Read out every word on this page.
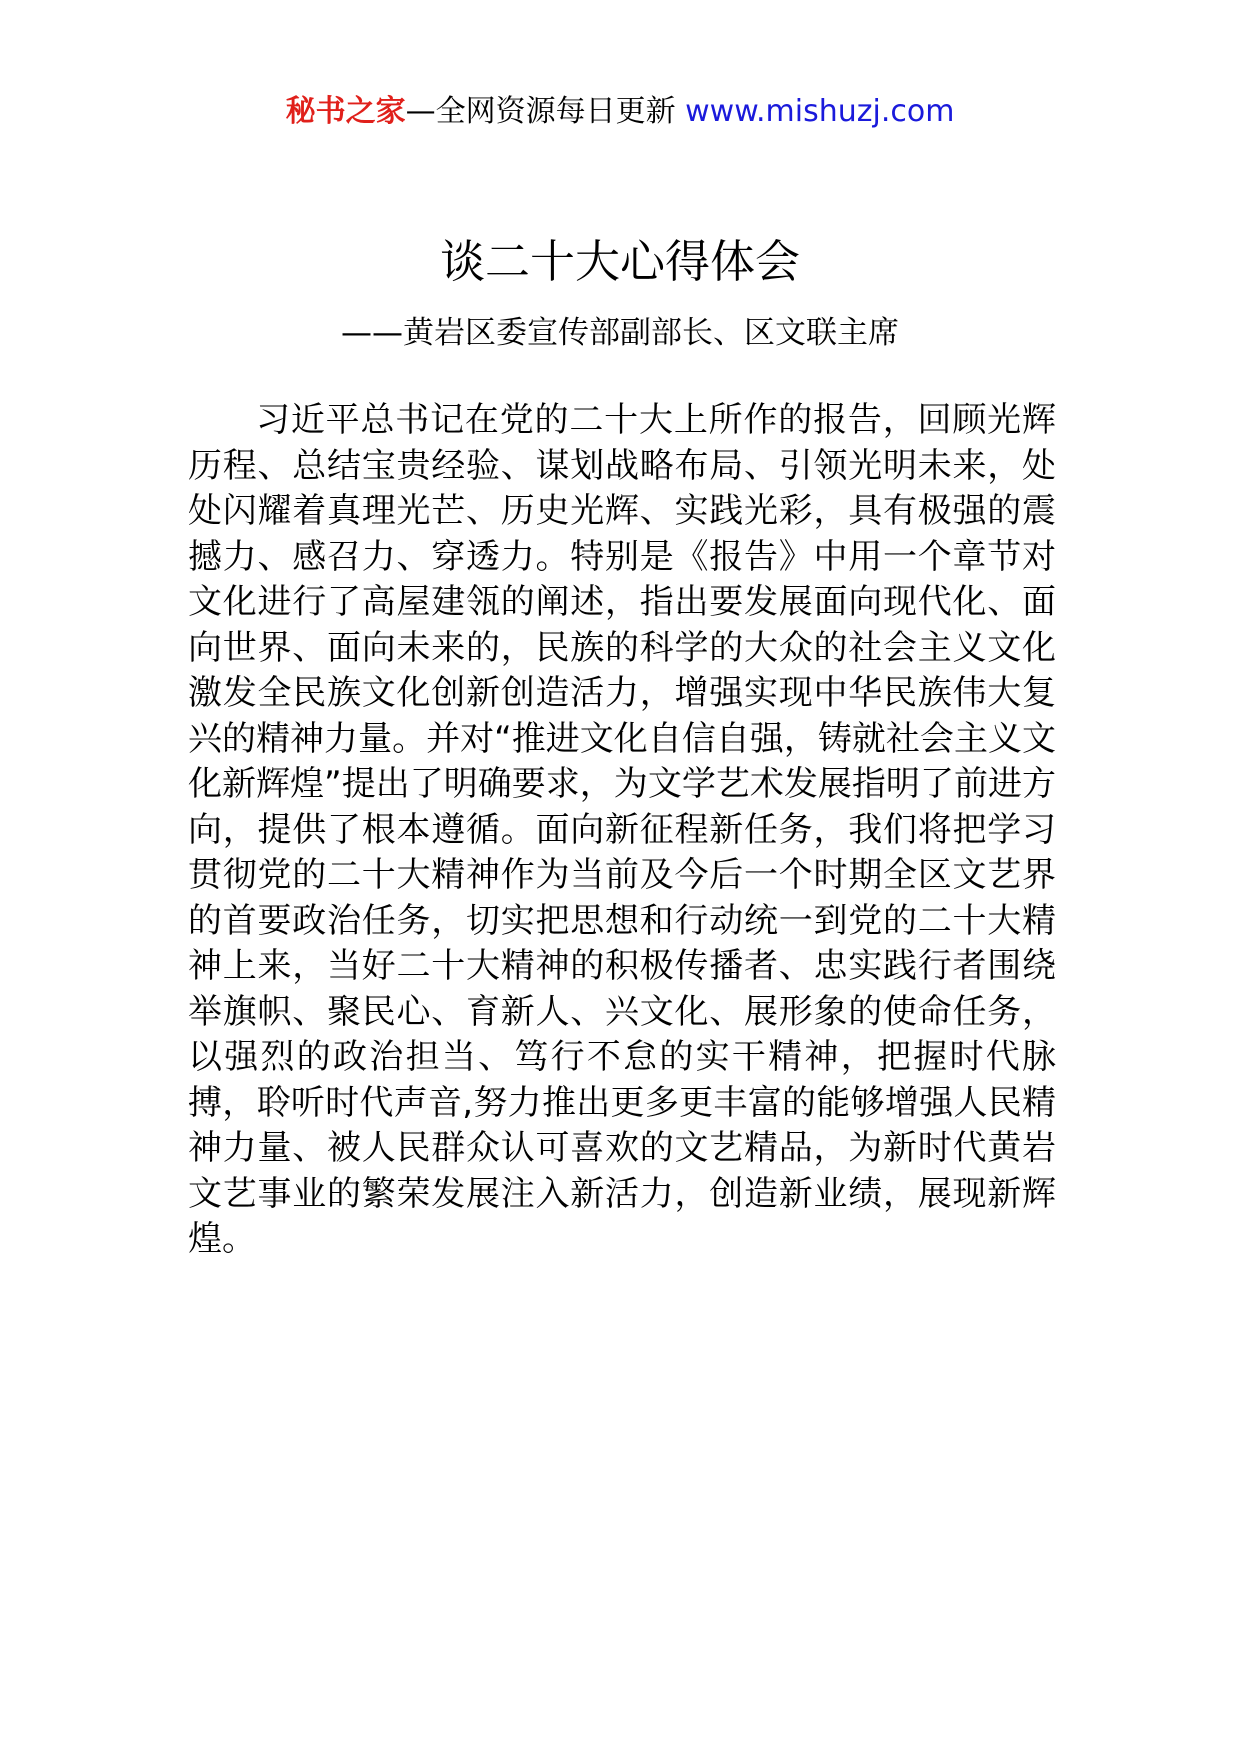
秘书之家—全网资源每日更新 www.mishuzj.com
谈二十大心得体会
——黄岩区委宣传部副部长、区文联主席

习近平总书记在党的二十大上所作的报告，回顾光辉历程、总结宝贵经验、谋划战略布局、引领光明未来，处处闪耀着真理光芒、历史光辉、实践光彩，具有极强的震撼力、感召力、穿透力。特别是《报告》中用一个章节对文化进行了高屋建瓴的阐述，指出要发展面向现代化、面向世界、面向未来的，民族的科学的大众的社会主义文化激发全民族文化创新创造活力，增强实现中华民族伟大复兴的精神力量。并对“推进文化自信自强，铸就社会主义文化新辉煌”提出了明确要求，为文学艺术发展指明了前进方向，提供了根本遵循。面向新征程新任务，我们将把学习贯彻党的二十大精神作为当前及今后一个时期全区文艺界的首要政治任务，切实把思想和行动统一到党的二十大精神上来，当好二十大精神的积极传播者、忠实践行者围绕举旗帜、聚民心、育新人、兴文化、展形象的使命任务，以强烈的政治担当、笃行不怠的实干精神，把握时代脉搏，聆听时代声音,努力推出更多更丰富的能够增强人民精神力量、被人民群众认可喜欢的文艺精品，为新时代黄岩文艺事业的繁荣发展注入新活力，创造新业绩，展现新辉煌。
